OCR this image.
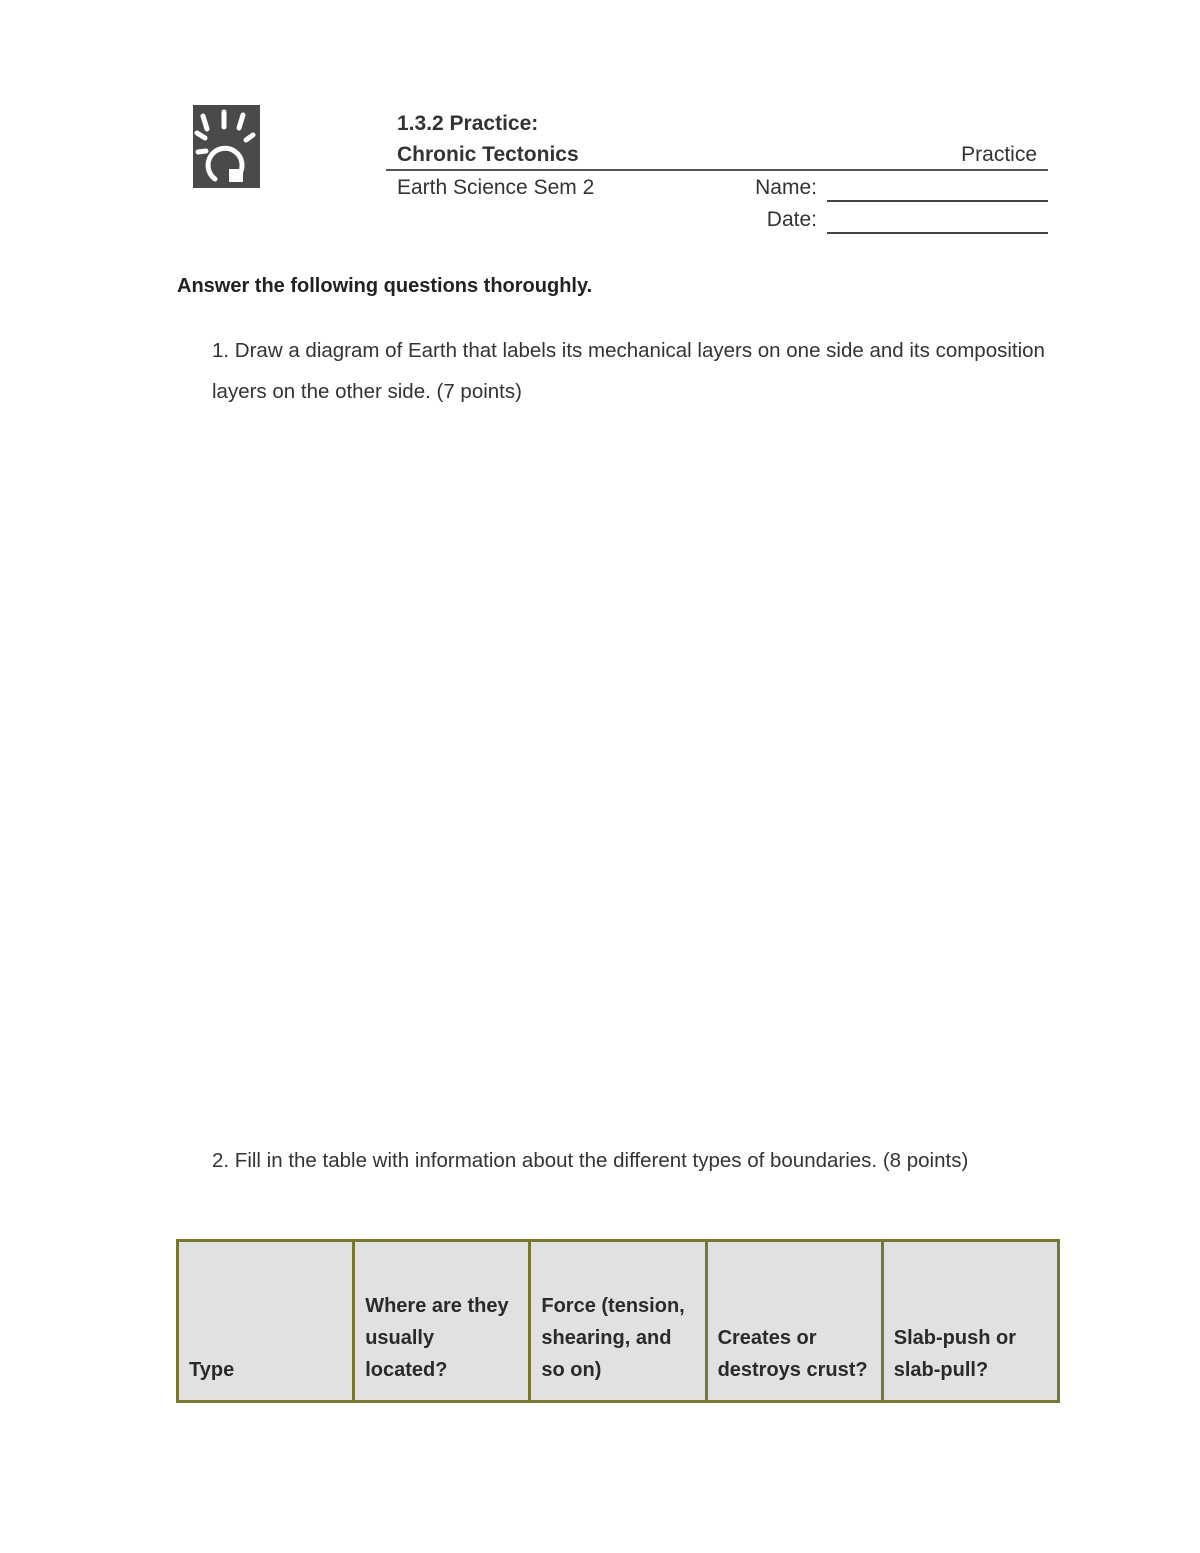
1.3.2 Practice:
Chronic Tectonics	Practice
Earth Science Sem 2	Name:
Date:
Answer the following questions thoroughly.
1. Draw a diagram of Earth that labels its mechanical layers on one side and its composition layers on the other side. (7 points)
2. Fill in the table with information about the different types of boundaries. (8 points)
Type	Where are they usually located?	Force (tension, shearing, and so on)	Creates or destroys crust?	Slab-push or slab-pull?
